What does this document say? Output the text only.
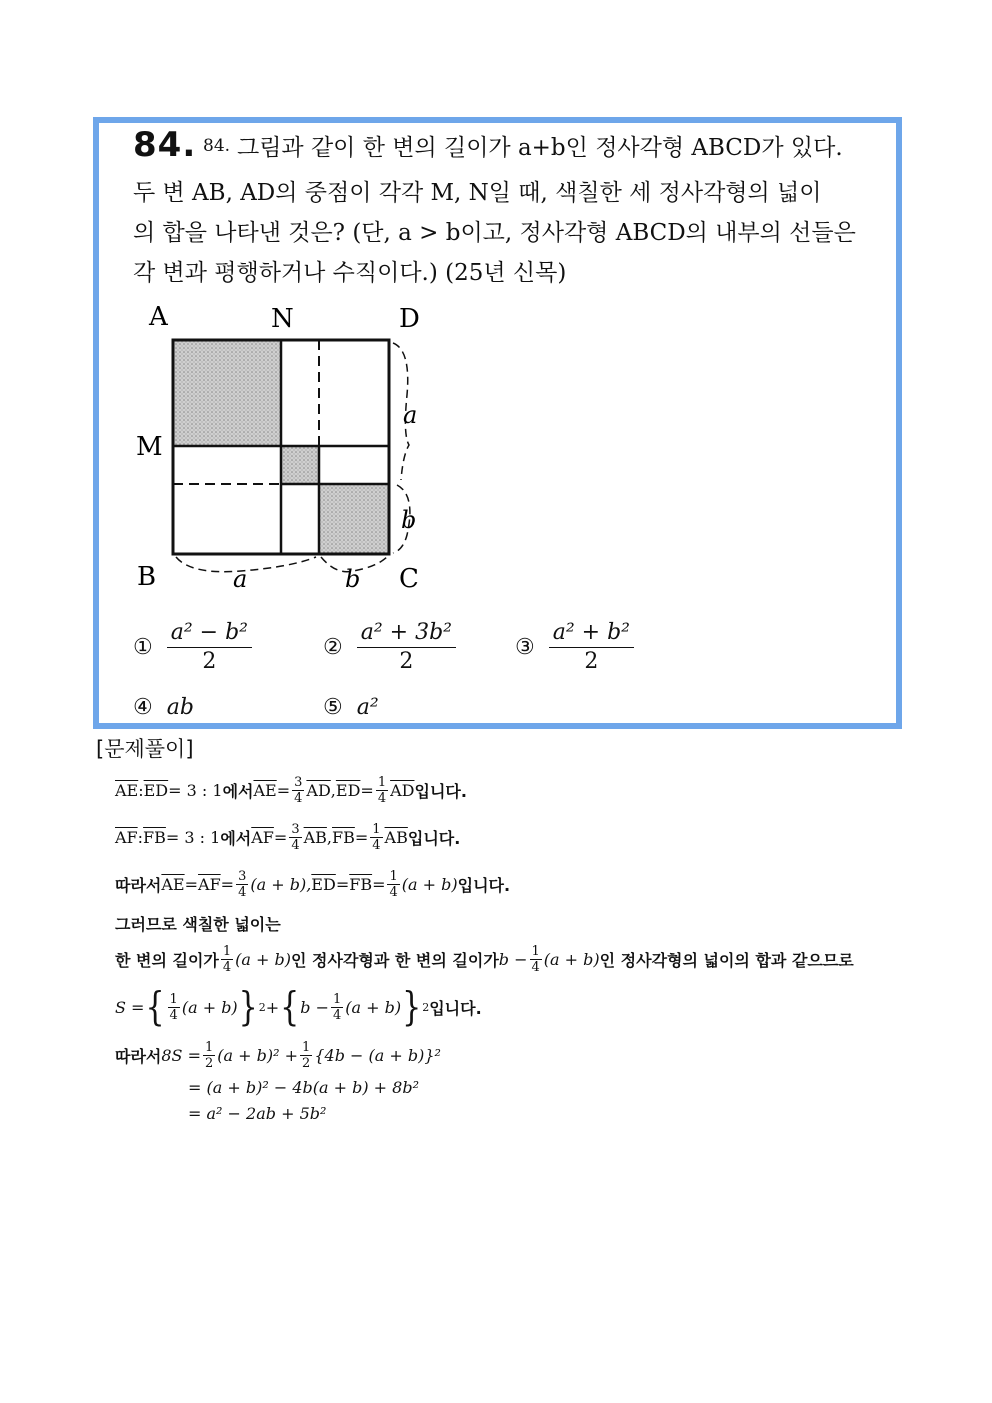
84. 84. 그림과 같이 한 변의 길이가 a+b인 정사각형 ABCD가 있다.
두 변 AB, AD의 중점이 각각 M, N일 때, 색칠한 세 정사각형의 넓이
의 합을 나타낸 것은? (단, a > b이고, 정사각형 ABCD의 내부의 선들은
각 변과 평행하거나 수직이다.) (25년 신목)
A	N	D
M
B	C
a
b
a	b
① $\frac{\text{a² − b²}}{2}$	② $\frac{\text{a² + 3b²}}{2}$	③ $\frac{\text{a² + b²}}{2}$
④ ab	⑤ a²
[문제풀이]
$\overline{AE}$ : $\overline{ED} = 3$ : 1 에서 $\overline{AE} = \frac{3}{4} \overline{AD}$ , $\overline{ED} = \frac{1}{4} \overline{AD}$ 입니다.
$\overline{AF}$ : $\overline{FB} = 3$ : 1 에서 $\overline{AF} = \frac{3}{4} \overline{AB}$ , $\overline{FB} = \frac{1}{4} \overline{AB}$ 입니다.
따라서 $\overline{AE} = \overline{AF} = \frac{3}{4} (a + b)$, $\overline{ED} = \overline{FB} = \frac{1}{4} (a + b)$ 입니다.
그러므로 색칠한 넓이는
한 변의 길이가 1
4 (a + b) 인 정사각형과 한 변의 길이가 $b - \frac{1}{4} (a + b)$ 인 정사각형의 넓이의 합과 같으므로
S = { 1
4 (a + b) } 2 + { $b - \frac{1}{4} (a + b)$ } 2 입니다.
따라서 $8S = \frac{1}{2} (a + b)^2 + \frac{1}{2} \{4b - (a + b)\}^2$
= (a + b)² − 4b(a + b) + 8b²
= a² − 2ab + 5b²
